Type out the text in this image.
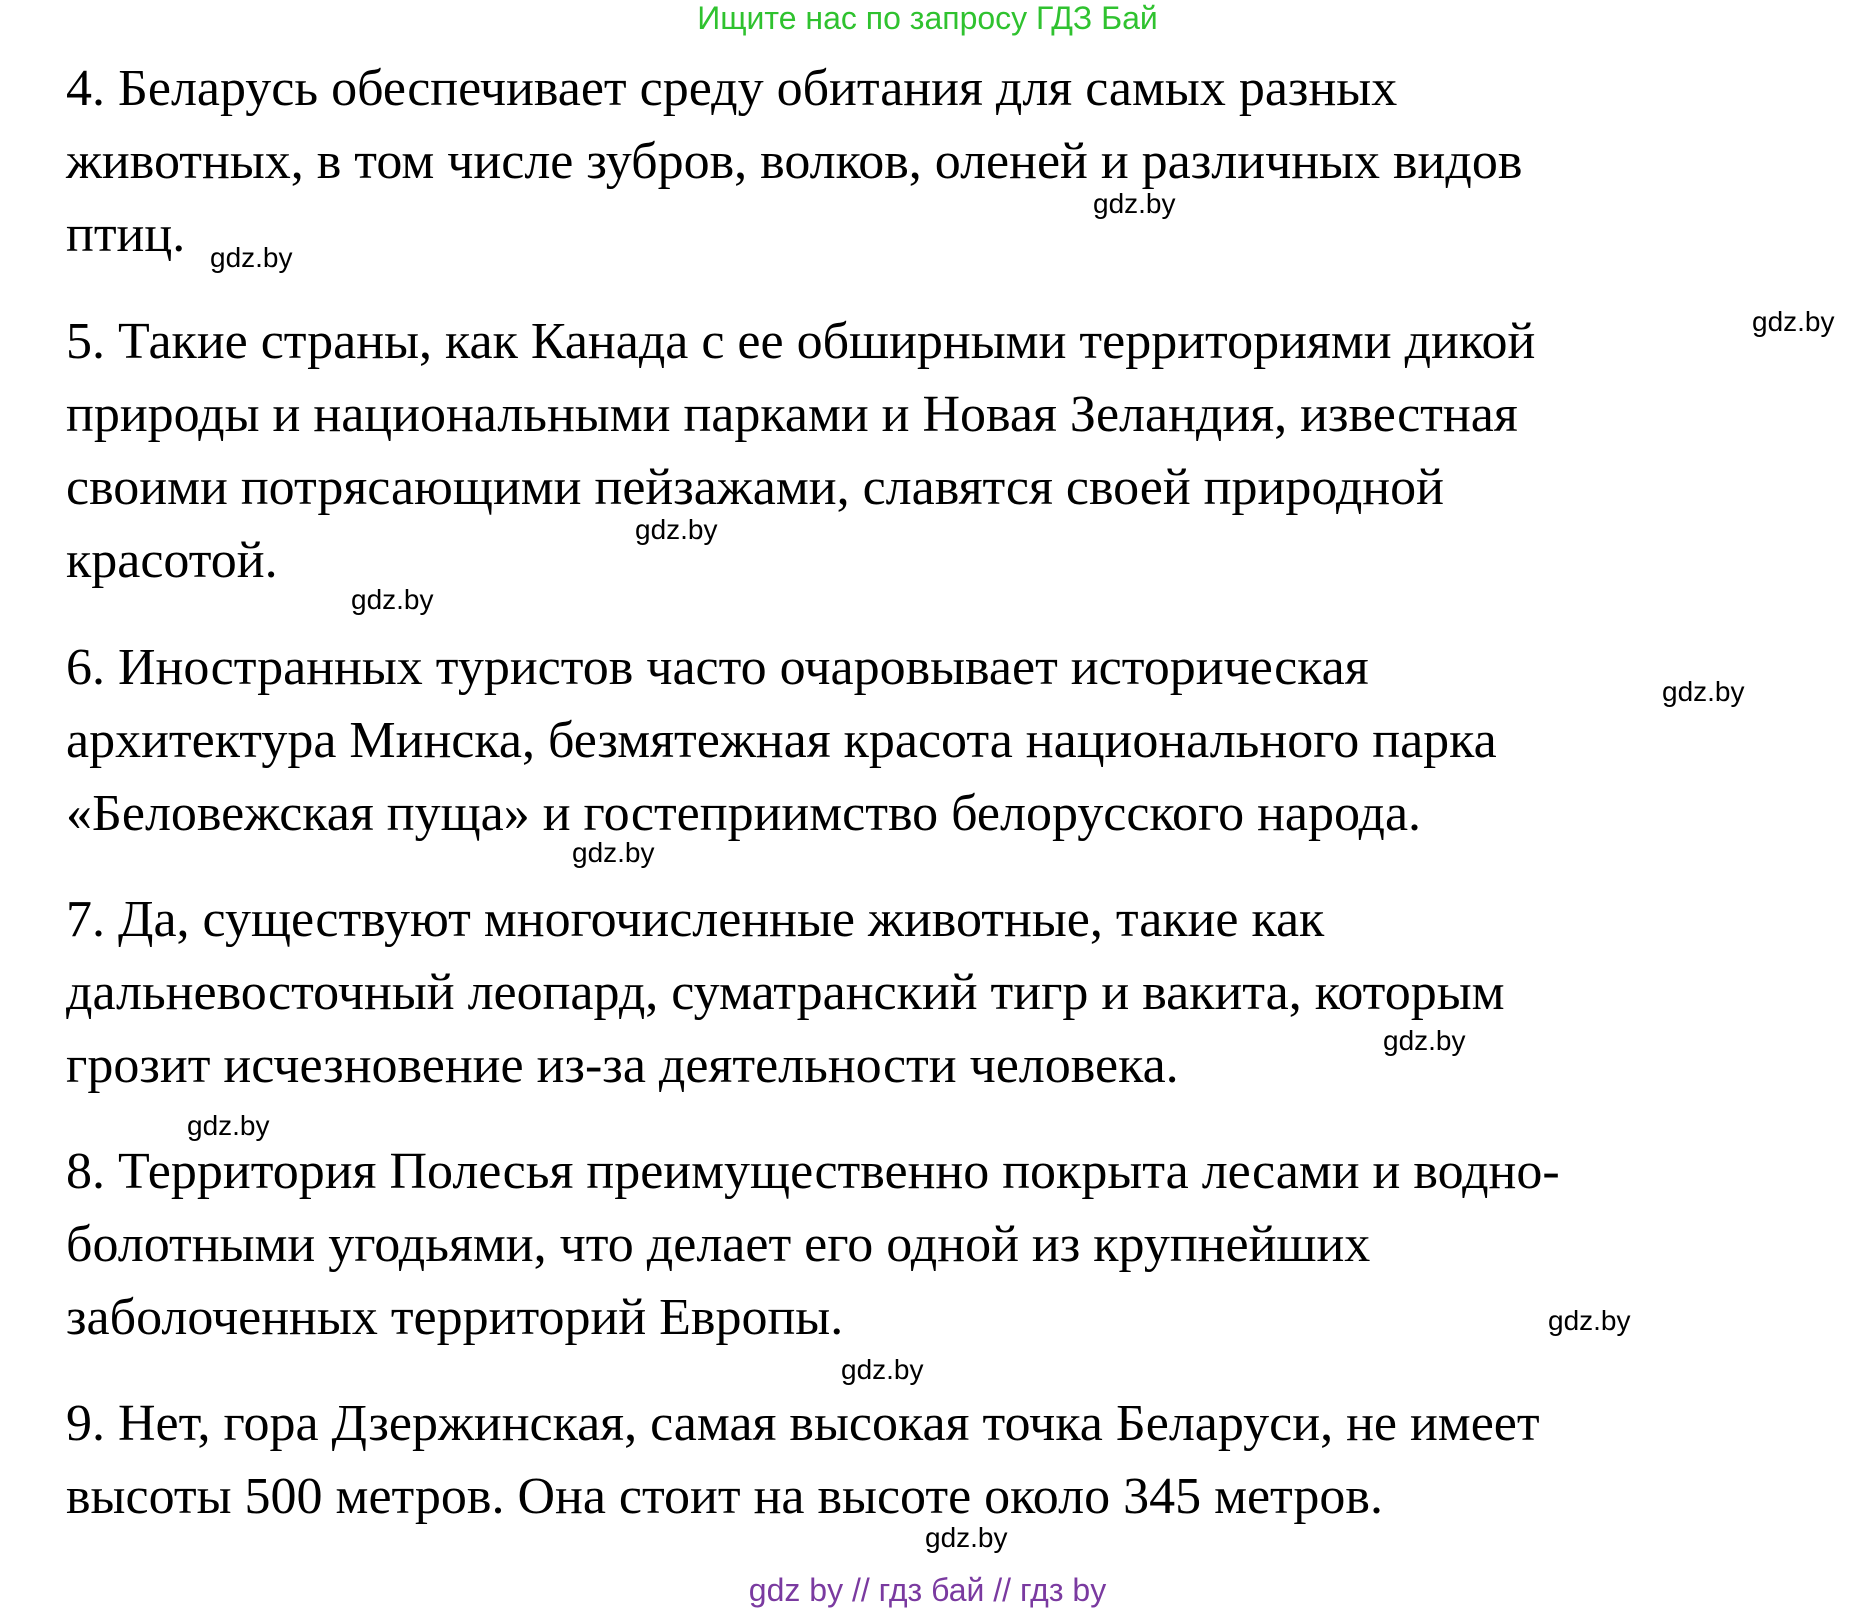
Ищите нас по запросу ГДЗ Бай
4. Беларусь обеспечивает среду обитания для самых разных
животных, в том числе зубров, волков, оленей и различных видов
птиц.
5. Такие страны, как Канада с ее обширными территориями дикой
природы и национальными парками и Новая Зеландия, известная
своими потрясающими пейзажами, славятся своей природной
красотой.
6. Иностранных туристов часто очаровывает историческая
архитектура Минска, безмятежная красота национального парка
«Беловежская пуща» и гостеприимство белорусского народа.
7. Да, существуют многочисленные животные, такие как
дальневосточный леопард, суматранский тигр и вакита, которым
грозит исчезновение из-за деятельности человека.
8. Территория Полесья преимущественно покрыта лесами и водно-
болотными угодьями, что делает его одной из крупнейших
заболоченных территорий Европы.
9. Нет, гора Дзержинская, самая высокая точка Беларуси, не имеет
высоты 500 метров. Она стоит на высоте около 345 метров.
gdz.by
gdz.by
gdz.by
gdz.by
gdz.by
gdz.by
gdz.by
gdz.by
gdz.by
gdz.by
gdz.by
gdz.by
gdz by // гдз бай // гдз by
